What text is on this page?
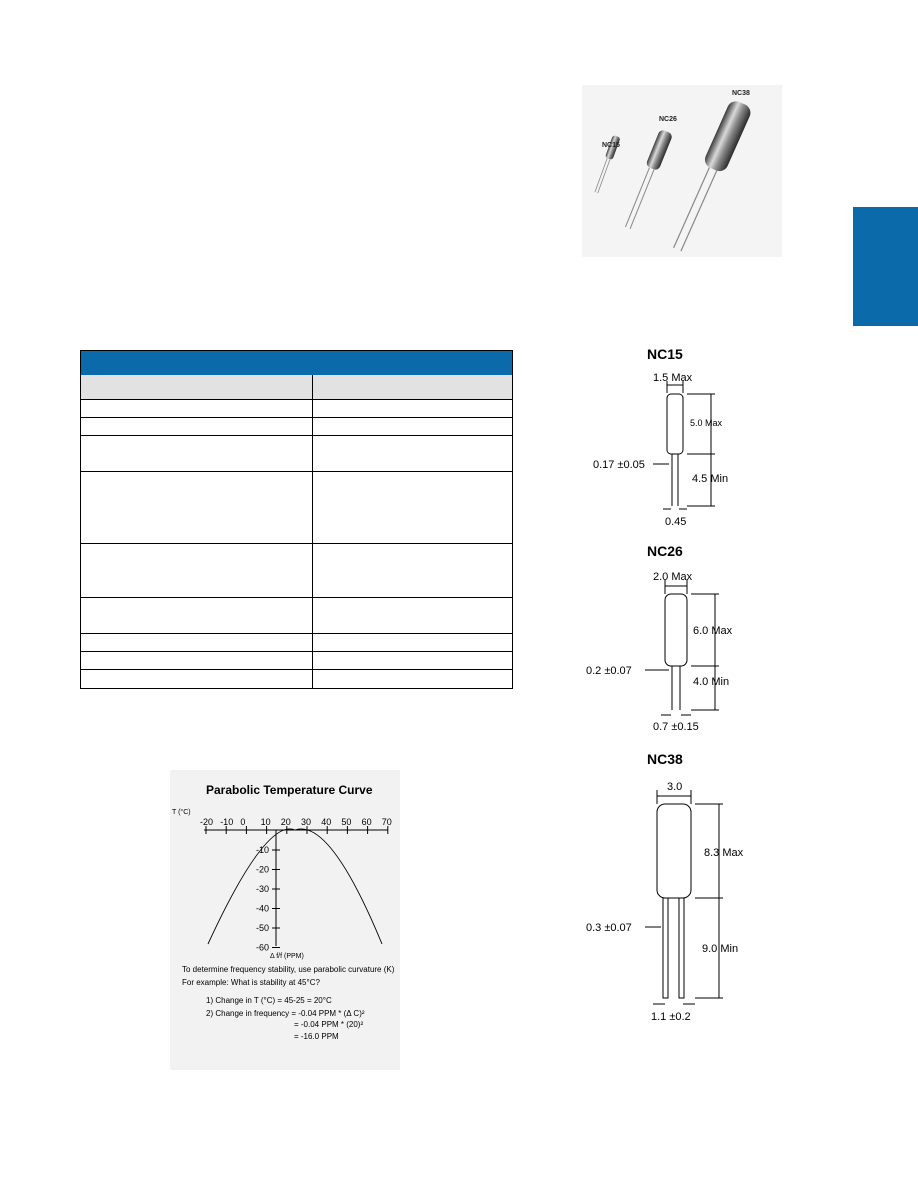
NC15
NC26
NC38
Parabolic Temperature Curve
T (°C)
-20 -10 0 10 20 30 40 50 60 70
-10
-20
-30
-40
-50
-60
Δ f/f (PPM)
To determine frequency stability, use parabolic curvature (K)
For example: What is stability at 45°C?
1) Change in T (°C) = 45-25 = 20°C
2) Change in frequency = -0.04 PPM * (Δ C)²
= -0.04 PPM * (20)²
= -16.0 PPM
NC15
1.5 Max
5.0 Max
0.17 ±0.05
4.5 Min
0.45
NC26
2.0 Max
6.0 Max
0.2 ±0.07
4.0 Min
0.7 ±0.15
NC38
3.0
8.3 Max
0.3 ±0.07
9.0 Min
1.1 ±0.2
